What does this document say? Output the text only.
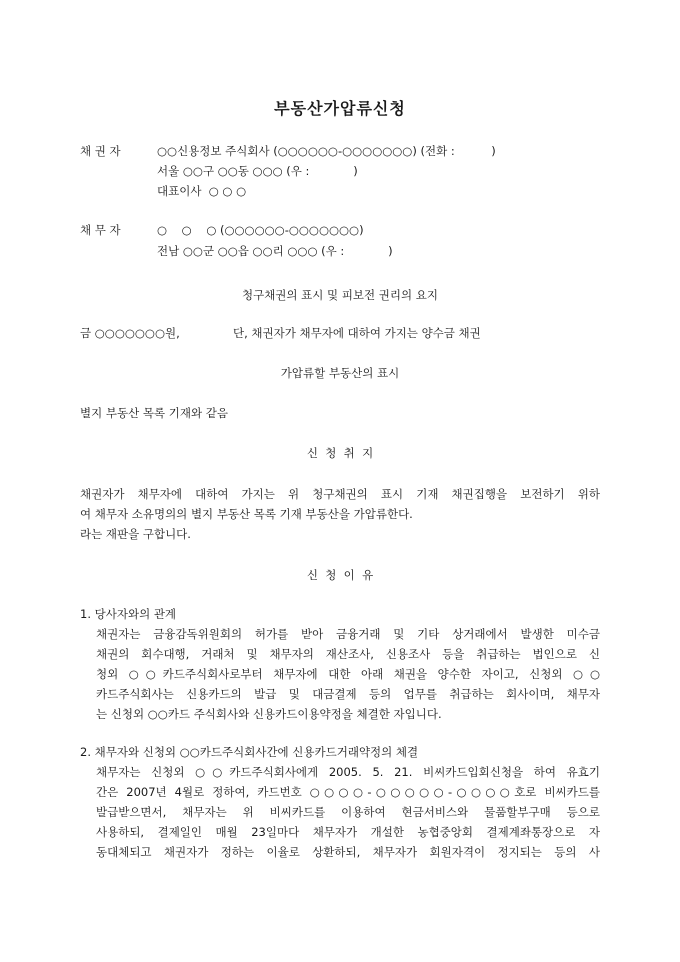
부동산가압류신청
채 권 자	○○신용정보 주식회사 (○○○○○○-○○○○○○○) (전화 :          )
서울 ○○구 ○○동 ○○○ (우 :            )
대표이사  ○ ○ ○
채 무 자	○    ○    ○ (○○○○○○-○○○○○○○)
전남 ○○군 ○○읍 ○○리 ○○○ (우 :            )
청구채권의 표시 및 피보전 권리의 요지
금 ○○○○○○○원,	단, 채권자가 채무자에 대하여 가지는 양수금 채권
가압류할 부동산의 표시
별지 부동산 목록 기재와 같음
신  청  취  지
채권자가 채무자에 대하여 가지는 위 청구채권의 표시 기재 채권집행을 보전하기 위하
여 채무자 소유명의의 별지 부동산 목록 기재 부동산을 가압류한다.
라는 재판을 구합니다.
신  청  이  유
1. 당사자와의 관계
채권자는 금융감독위원회의 허가를 받아 금융거래 및 기타 상거래에서 발생한 미수금
채권의 회수대행, 거래처 및 채무자의 재산조사, 신용조사 등을 취급하는 법인으로 신
청외 ○○카드주식회사로부터 채무자에 대한 아래 채권을 양수한 자이고, 신청외 ○○
카드주식회사는 신용카드의 발급 및 대금결제 등의 업무를 취급하는 회사이며, 채무자
는 신청외 ○○카드 주식회사와 신용카드이용약정을 체결한 자입니다.
2. 채무자와 신청외 ○○카드주식회사간에 신용카드거래약정의 체결
채무자는 신청외 ○○카드주식회사에게 2005. 5. 21. 비씨카드입회신청을 하여 유효기
간은 2007년 4월로 정하여, 카드번호 ○○○○-○○○○○-○○○○호로 비씨카드를
발급받으면서, 채무자는 위 비씨카드를 이용하여 현금서비스와 물품할부구매 등으로
사용하되, 결제일인 매월 23일마다 채무자가 개설한 농협중앙회 결제계좌통장으로 자
동대체되고 채권자가 정하는 이율로 상환하되, 채무자가 회원자격이 정지되는 등의 사
